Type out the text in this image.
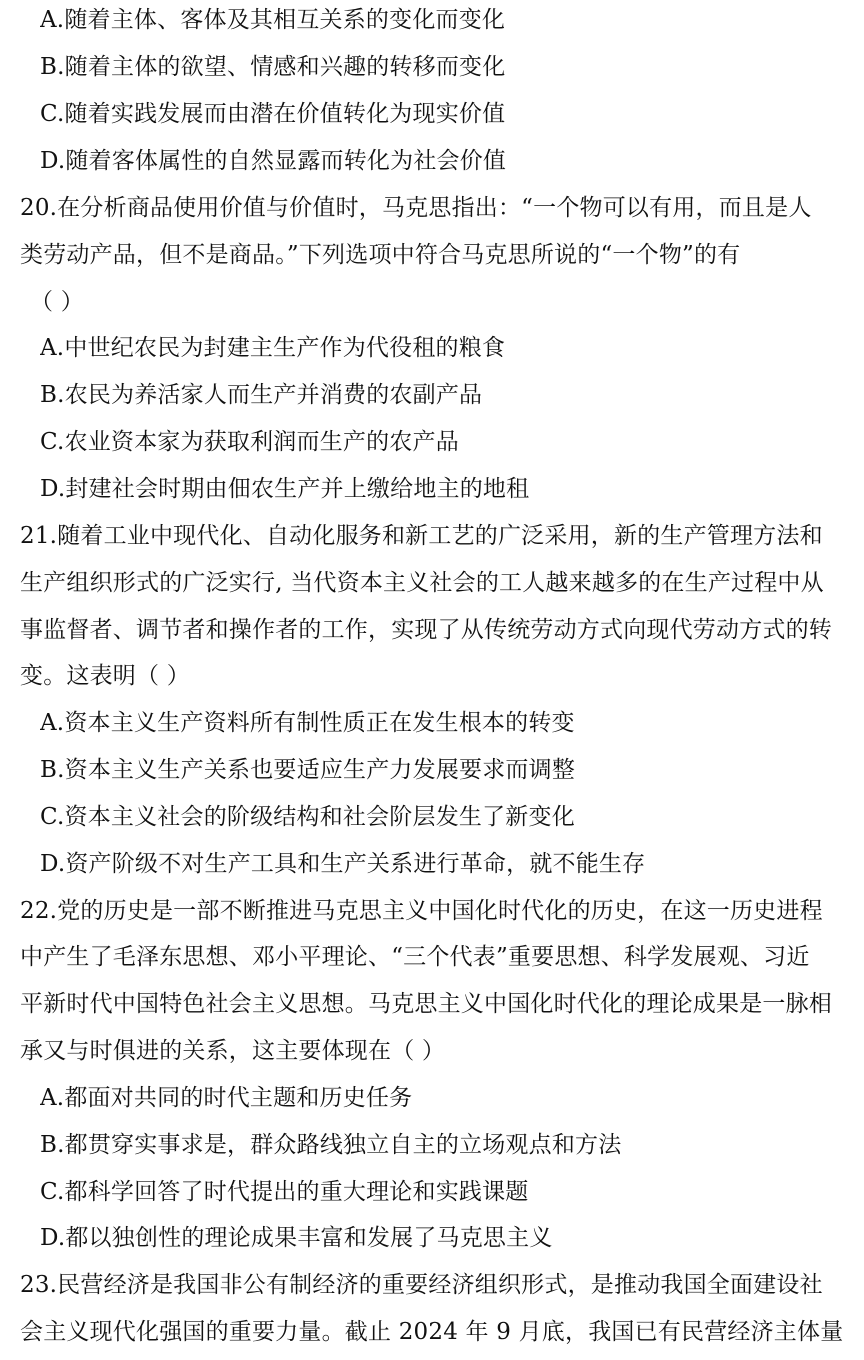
A.随着主体、客体及其相互关系的变化而变化
B.随着主体的欲望、情感和兴趣的转移而变化
C.随着实践发展而由潜在价值转化为现实价值
D.随着客体属性的自然显露而转化为社会价值
20.在分析商品使用价值与价值时，马克思指出：“一个物可以有用，而且是人
类劳动产品，但不是商品。”下列选项中符合马克思所说的“一个物”的有
（ ）
A.中世纪农民为封建主生产作为代役租的粮食
B.农民为养活家人而生产并消费的农副产品
C.农业资本家为获取利润而生产的农产品
D.封建社会时期由佃农生产并上缴给地主的地租
21.随着工业中现代化、自动化服务和新工艺的广泛采用，新的生产管理方法和
生产组织形式的广泛实行, 当代资本主义社会的工人越来越多的在生产过程中从
事监督者、调节者和操作者的工作，实现了从传统劳动方式向现代劳动方式的转
变。这表明（ ）
A.资本主义生产资料所有制性质正在发生根本的转变
B.资本主义生产关系也要适应生产力发展要求而调整
C.资本主义社会的阶级结构和社会阶层发生了新变化
D.资产阶级不对生产工具和生产关系进行革命，就不能生存
22.党的历史是一部不断推进马克思主义中国化时代化的历史，在这一历史进程
中产生了毛泽东思想、邓小平理论、“三个代表”重要思想、科学发展观、习近
平新时代中国特色社会主义思想。马克思主义中国化时代化的理论成果是一脉相
承又与时俱进的关系，这主要体现在（ ）
A.都面对共同的时代主题和历史任务
B.都贯穿实事求是，群众路线独立自主的立场观点和方法
C.都科学回答了时代提出的重大理论和实践课题
D.都以独创性的理论成果丰富和发展了马克思主义
23.民营经济是我国非公有制经济的重要经济组织形式，是推动我国全面建设社
会主义现代化强国的重要力量。截止 2024 年 9 月底，我国已有民营经济主体量
